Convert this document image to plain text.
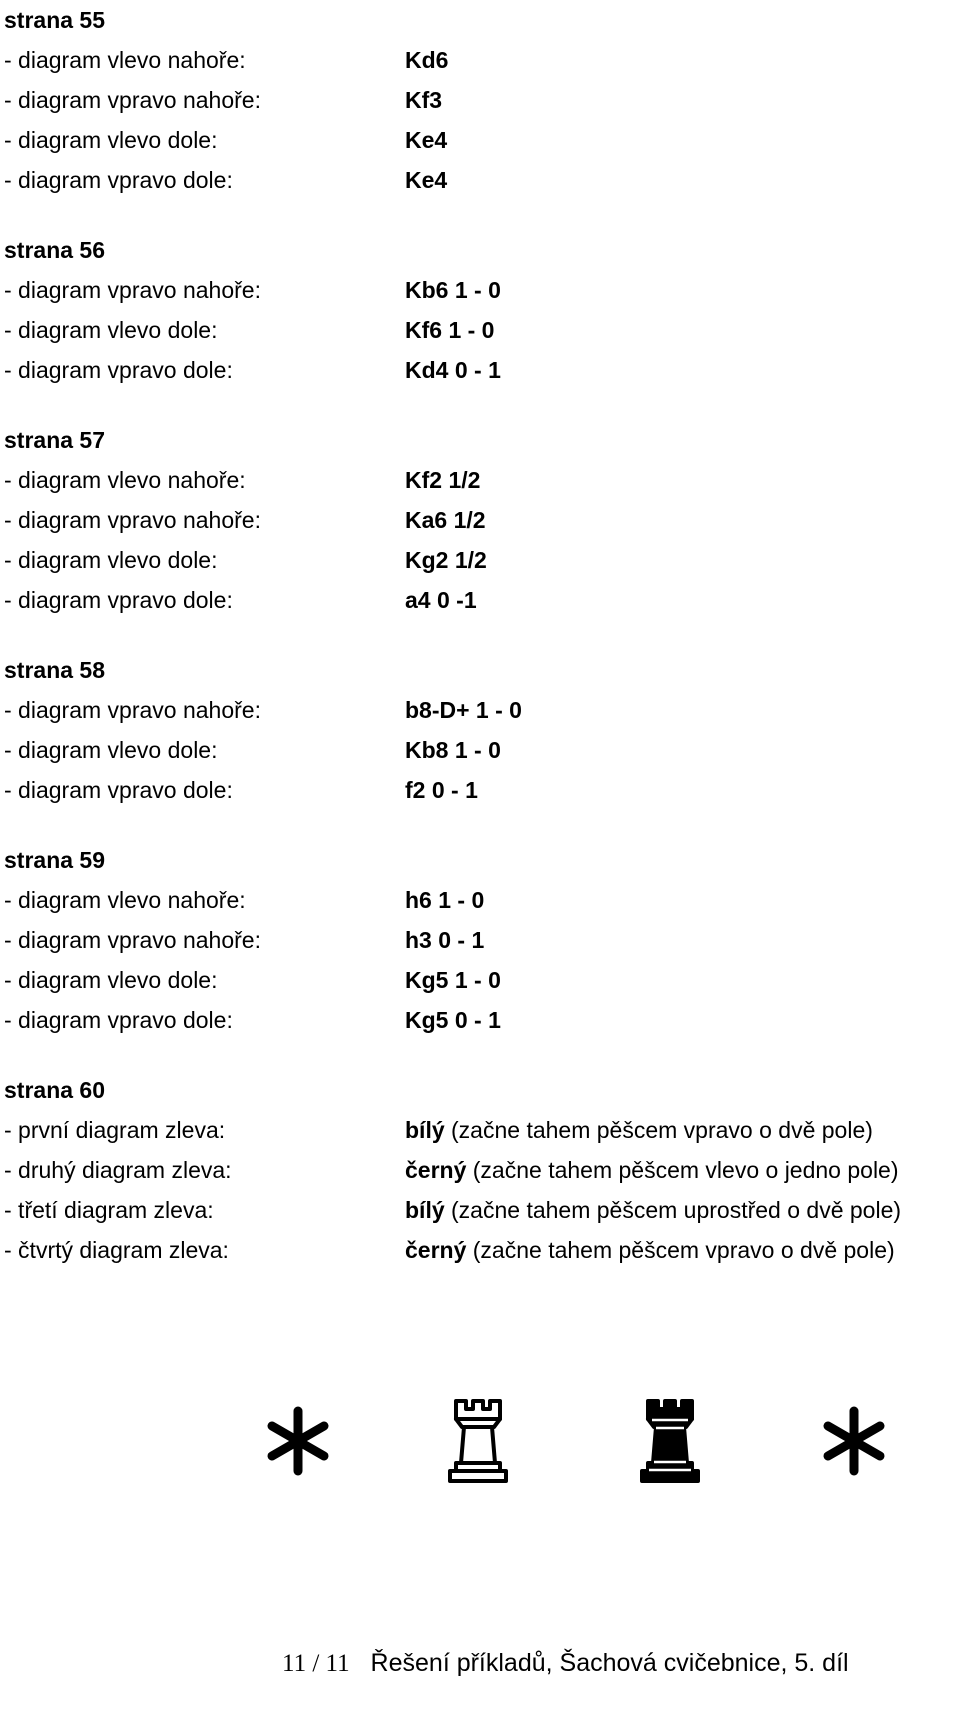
strana 55
- diagram vlevo nahoře:	Kd6
- diagram vpravo nahoře:	Kf3
- diagram vlevo dole:	Ke4
- diagram vpravo dole:	Ke4
strana 56
- diagram vpravo nahoře:	Kb6 1 - 0
- diagram vlevo dole:	Kf6 1 - 0
- diagram vpravo dole:	Kd4 0 - 1
strana 57
- diagram vlevo nahoře:	Kf2 1/2
- diagram vpravo nahoře:	Ka6 1/2
- diagram vlevo dole:	Kg2 1/2
- diagram vpravo dole:	a4 0 -1
strana 58
- diagram vpravo nahoře:	b8-D+ 1 - 0
- diagram vlevo dole:	Kb8 1 - 0
- diagram vpravo dole:	f2 0 - 1
strana 59
- diagram vlevo nahoře:	h6 1 - 0
- diagram vpravo nahoře:	h3 0 - 1
- diagram vlevo dole:	Kg5 1 - 0
- diagram vpravo dole:	Kg5 0 - 1
strana 60
- první diagram zleva:	bílý
(začne tahem pěšcem vpravo o dvě pole)
- druhý diagram zleva:	černý
(začne tahem pěšcem vlevo o jedno pole)
- třetí diagram zleva:	bílý
(začne tahem pěšcem uprostřed o dvě pole)
- čtvrtý diagram zleva:	černý
(začne tahem pěšcem vpravo o dvě pole)
11 / 11 Řešení příkladů, Šachová cvičebnice, 5. díl
